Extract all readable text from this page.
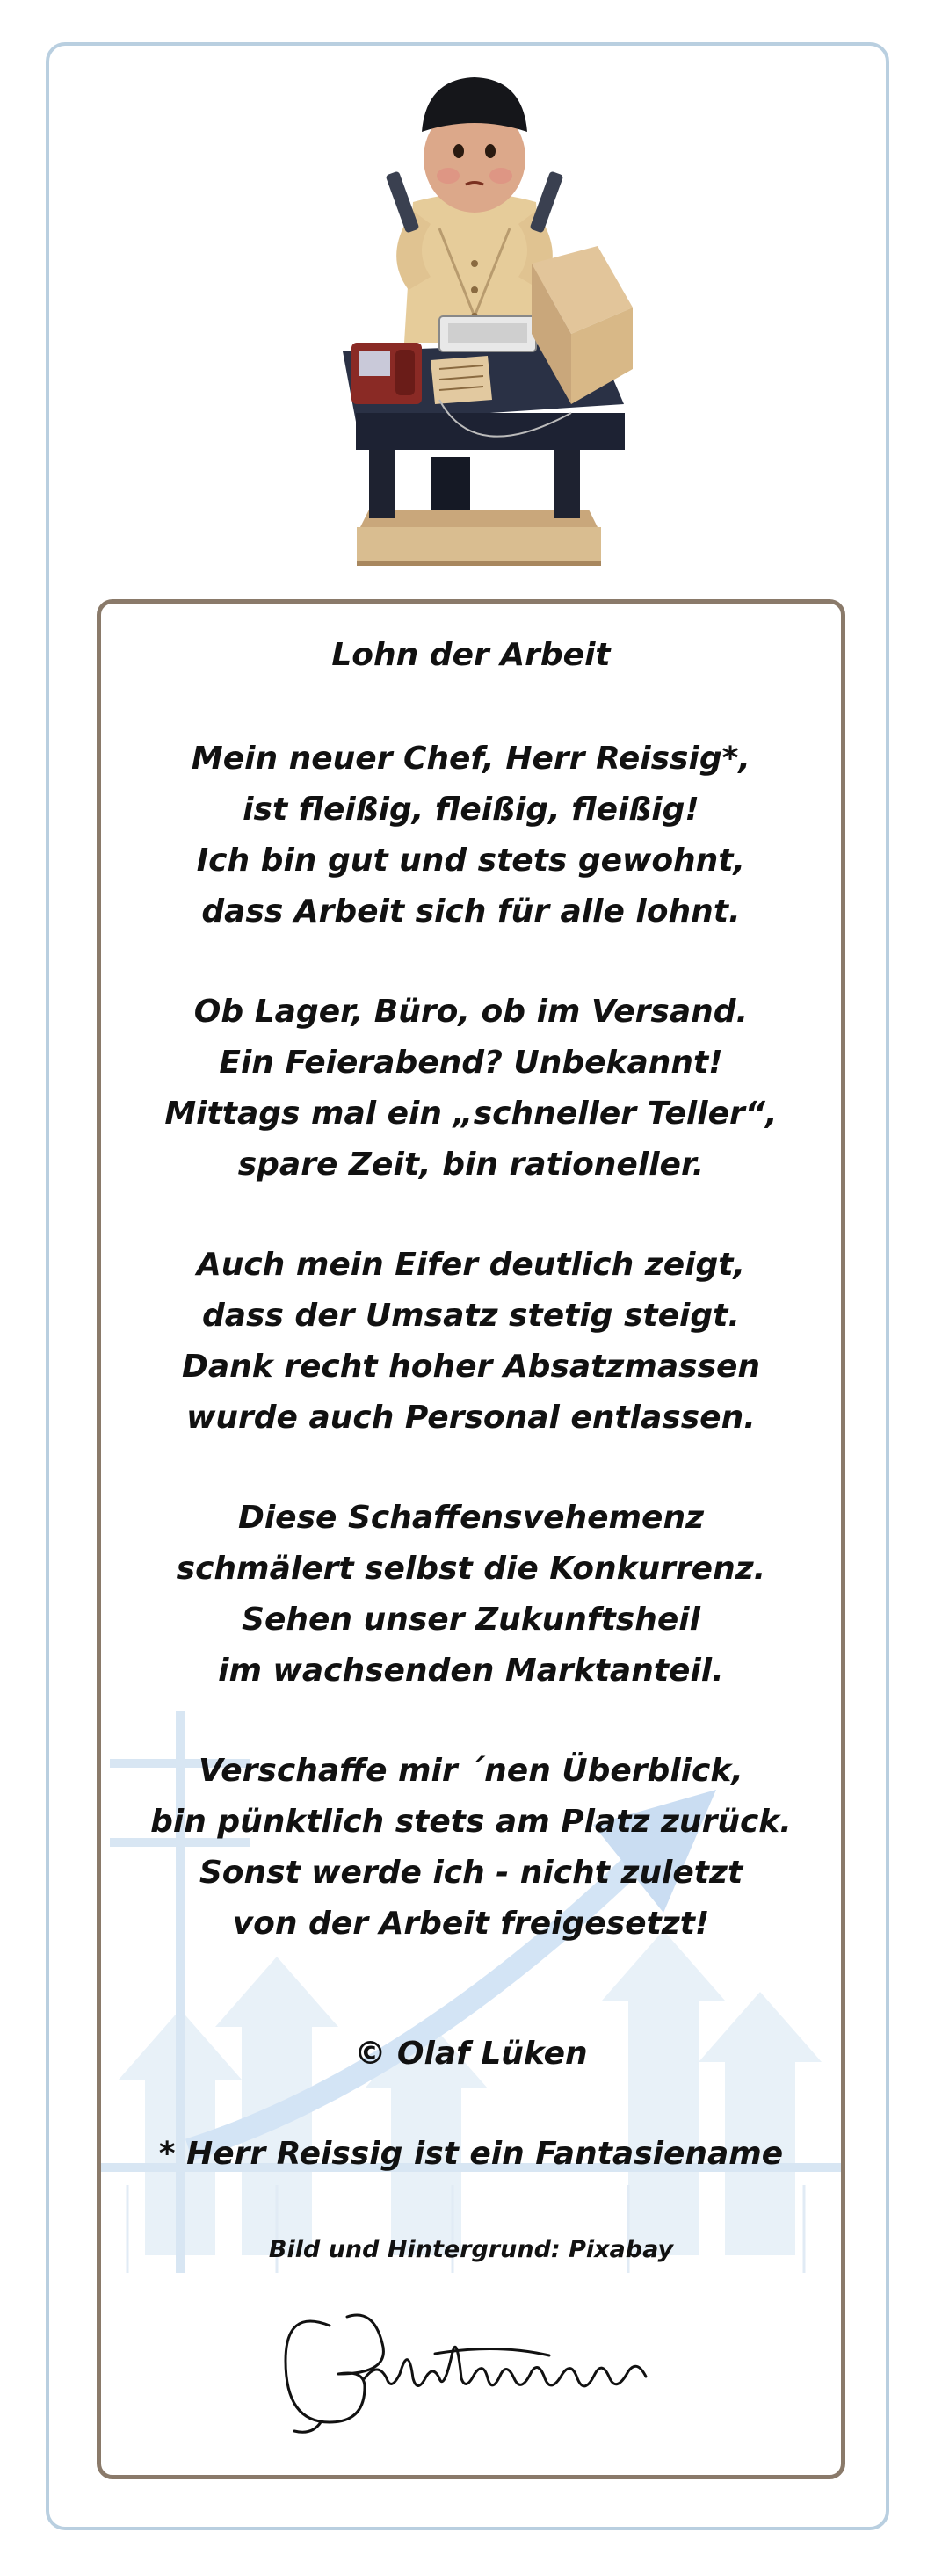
Lohn der Arbeit
Mein neuer Chef, Herr Reissig*,
ist fleißig, fleißig, fleißig!
Ich bin gut und stets gewohnt,
dass Arbeit sich für alle lohnt.
Ob Lager, Büro, ob im Versand.
Ein Feierabend? Unbekannt!
Mittags mal ein „schneller Teller“,
spare Zeit, bin rationeller.
Auch mein Eifer deutlich zeigt,
dass der Umsatz stetig steigt.
Dank recht hoher Absatzmassen
wurde auch Personal entlassen.
Diese Schaffensvehemenz
schmälert selbst die Konkurrenz.
Sehen unser Zukunftsheil
im wachsenden Marktanteil.
Verschaffe mir ´nen Überblick,
bin pünktlich stets am Platz zurück.
Sonst werde ich - nicht zuletzt
von der Arbeit freigesetzt!
© Olaf Lüken
* Herr Reissig ist ein Fantasiename
Bild und Hintergrund: Pixabay
